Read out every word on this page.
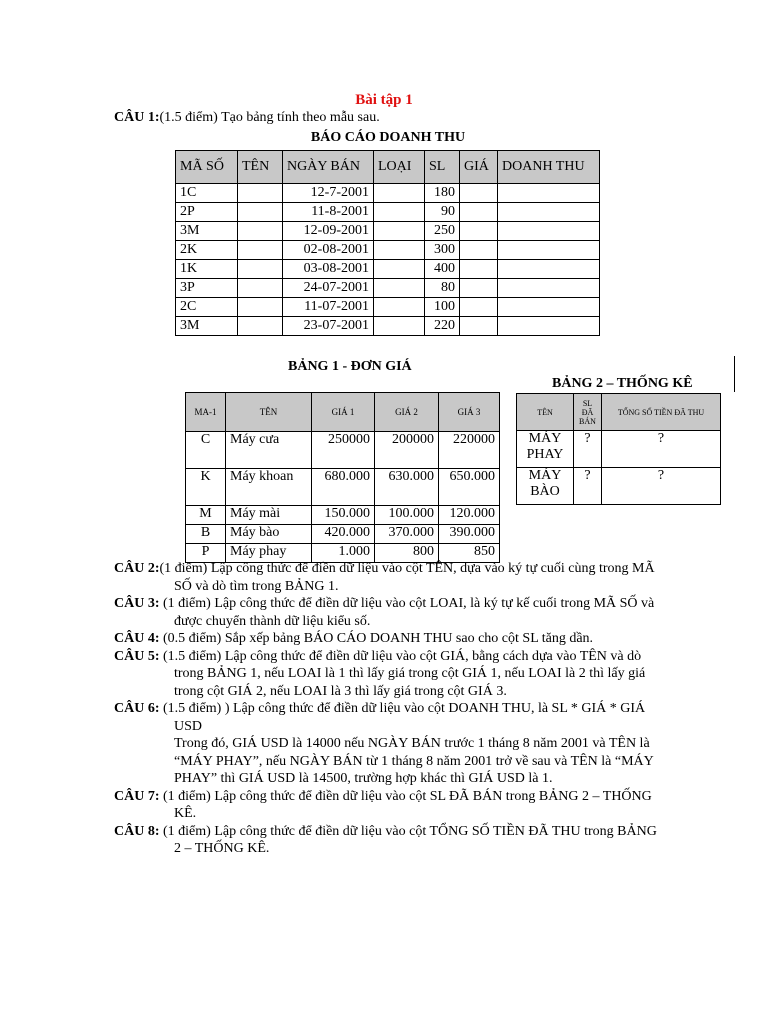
Bài tập 1
CÂU 1:(1.5 điểm) Tạo bảng tính theo mẫu sau.
BÁO CÁO DOANH THU
MÃ SỐ	TÊN	NGÀY BÁN	LOẠI	SL	GIÁ	DOANH THU
1C		12-7-2001		180		
2P		11-8-2001		90		
3M		12-09-2001		250		
2K		02-08-2001		300		
1K		03-08-2001		400		
3P		24-07-2001		80		
2C		11-07-2001		100		
3M		23-07-2001		220		
BẢNG 1 - ĐƠN GIÁ
BẢNG 2 – THỐNG KÊ
MA-1	TÊN	GIÁ 1	GIÁ 2	GIÁ 3
C	Máy cưa	250000	200000	220000
K	Máy khoan	680.000	630.000	650.000
M	Máy mài	150.000	100.000	120.000
B	Máy bào	420.000	370.000	390.000
P	Máy phay	1.000	800	850
TÊN	SL ĐÃ BÁN	TỔNG SỐ TIỀN ĐÃ THU
MÁY PHAY	?	?
MÁY BÀO	?	?
CÂU 2:(1 điểm) Lập công thức để điền dữ liệu vào cột TÊN, dựa vào ký tự cuối cùng trong MÃ
SỐ và dò tìm trong BẢNG 1.
CÂU 3: (1 điểm) Lập công thức để điền dữ liệu vào cột LOAI, là ký tự kế cuối trong MÃ SỐ và
được chuyển thành dữ liệu kiểu số.
CÂU 4: (0.5 điểm) Sắp xếp bảng BÁO CÁO DOANH THU sao cho cột SL tăng dần.
CÂU 5: (1.5 điểm) Lập công thức để điền dữ liệu vào cột GIÁ, bằng cách dựa vào TÊN và dò
trong BẢNG 1, nếu LOAI là 1 thì lấy giá trong cột GIÁ 1, nếu LOAI là 2 thì lấy giá
trong cột GIÁ 2, nếu LOAI là 3 thì lấy giá trong cột GIÁ 3.
CÂU 6: (1.5 điểm) ) Lập công thức để điền dữ liệu vào cột DOANH THU, là SL * GIÁ * GIÁ
USD
Trong đó, GIÁ USD là 14000 nếu NGÀY BÁN trước 1 tháng 8 năm 2001 và TÊN là
“MÁY PHAY”, nếu NGÀY BÁN từ 1 tháng 8 năm 2001 trở về sau và TÊN là “MÁY
PHAY” thì GIÁ USD là 14500, trường hợp khác thì GIÁ USD là 1.
CÂU 7: (1 điểm) Lập công thức để điền dữ liệu vào cột SL ĐÃ BÁN trong BẢNG 2 – THỐNG
KÊ.
CÂU 8: (1 điểm) Lập công thức để điền dữ liệu vào cột TỔNG SỐ TIỀN ĐÃ THU trong BẢNG
2 – THỐNG KÊ.
